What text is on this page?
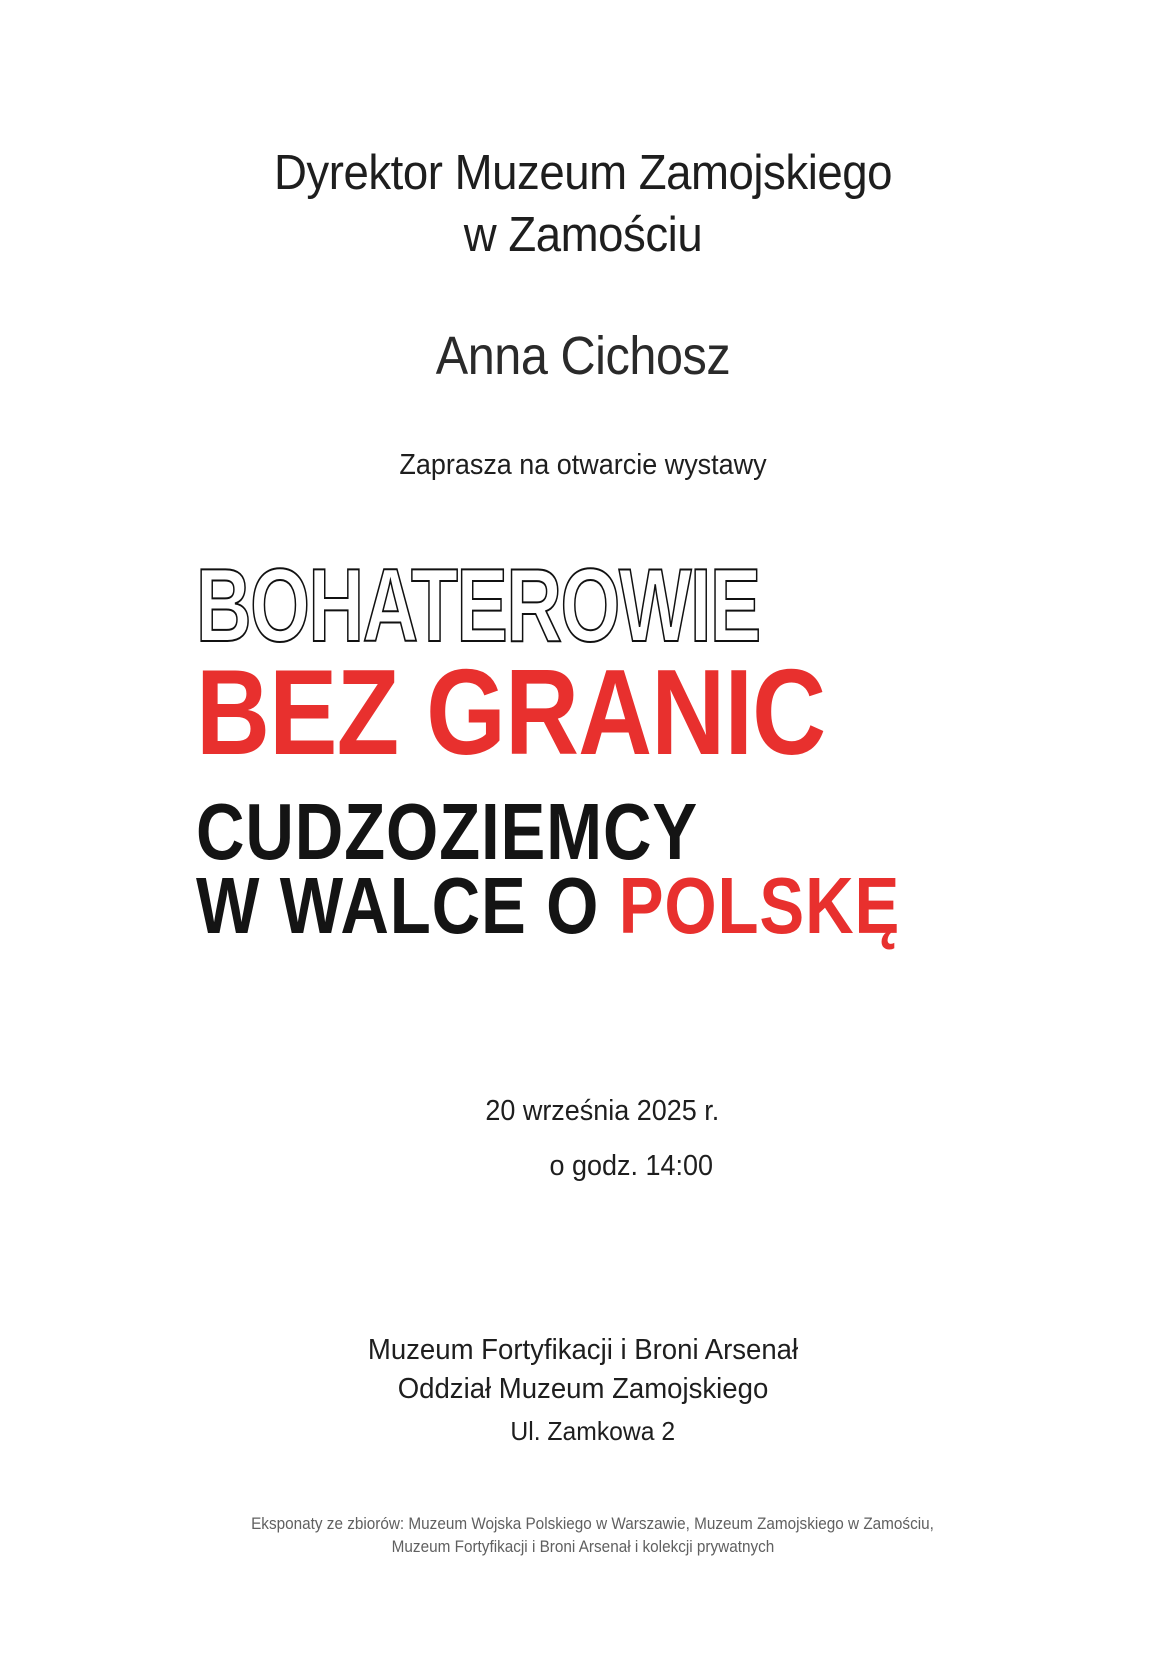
Dyrektor Muzeum Zamojskiego
w Zamościu
Anna Cichosz
Zaprasza na otwarcie wystawy
BOHATEROWIE
BEZ GRANIC
CUDZOZIEMCY
W WALCE O POLSKĘ
20 września 2025 r.
o godz. 14:00
Muzeum Fortyfikacji i Broni Arsenał
Oddział Muzeum Zamojskiego
Ul. Zamkowa 2
Eksponaty ze zbiorów: Muzeum Wojska Polskiego w Warszawie, Muzeum Zamojskiego w Zamościu,
Muzeum Fortyfikacji i Broni Arsenał i kolekcji prywatnych
